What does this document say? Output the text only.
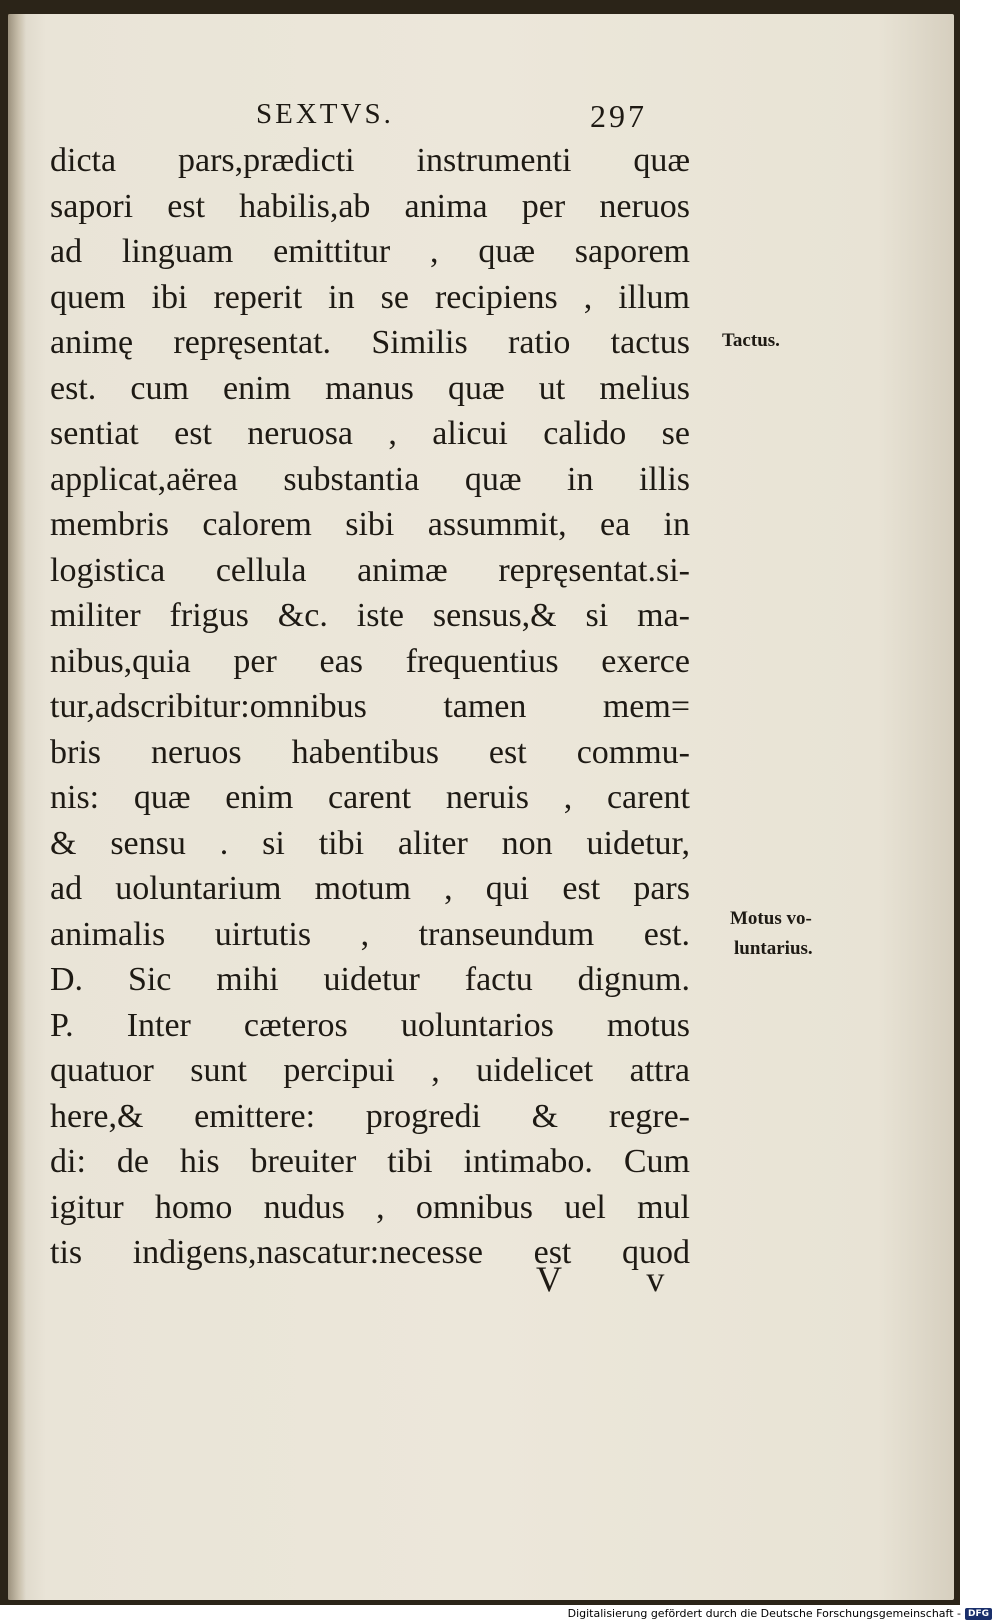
SEXTVS.	297
dicta pars,prædicti instrumenti quæ
sapori est habilis,ab anima per neruos
ad linguam emittitur , quæ saporem
quem ibi reperit in se recipiens , illum
animę repręsentat. Similis ratio tactus
est. cum enim manus quæ ut melius
sentiat est neruosa , alicui calido se
applicat,aërea substantia quæ in illis
membris calorem sibi assummit, ea in
logistica cellula animæ repręsentat.si-
militer frigus &c. iste sensus,& si ma-
nibus,quia per eas frequentius exerce
tur,adscribitur:omnibus tamen mem=
bris neruos habentibus est commu-
nis: quæ enim carent neruis , carent
& sensu . si tibi aliter non uidetur,
ad uoluntarium motum , qui est pars
animalis uirtutis , transeundum est.
D. Sic mihi uidetur factu dignum.
P. Inter cæteros uoluntarios motus
quatuor sunt percipui , uidelicet attra
here,& emittere: progredi & regre-
di: de his breuiter tibi intimabo. Cum
igitur homo nudus , omnibus uel mul
tis indigens,nascatur:necesse est quod
Tactus.
Motus vo-
luntarius.
V v
Digitalisierung gefördert durch die Deutsche Forschungsgemeinschaft - DFG
